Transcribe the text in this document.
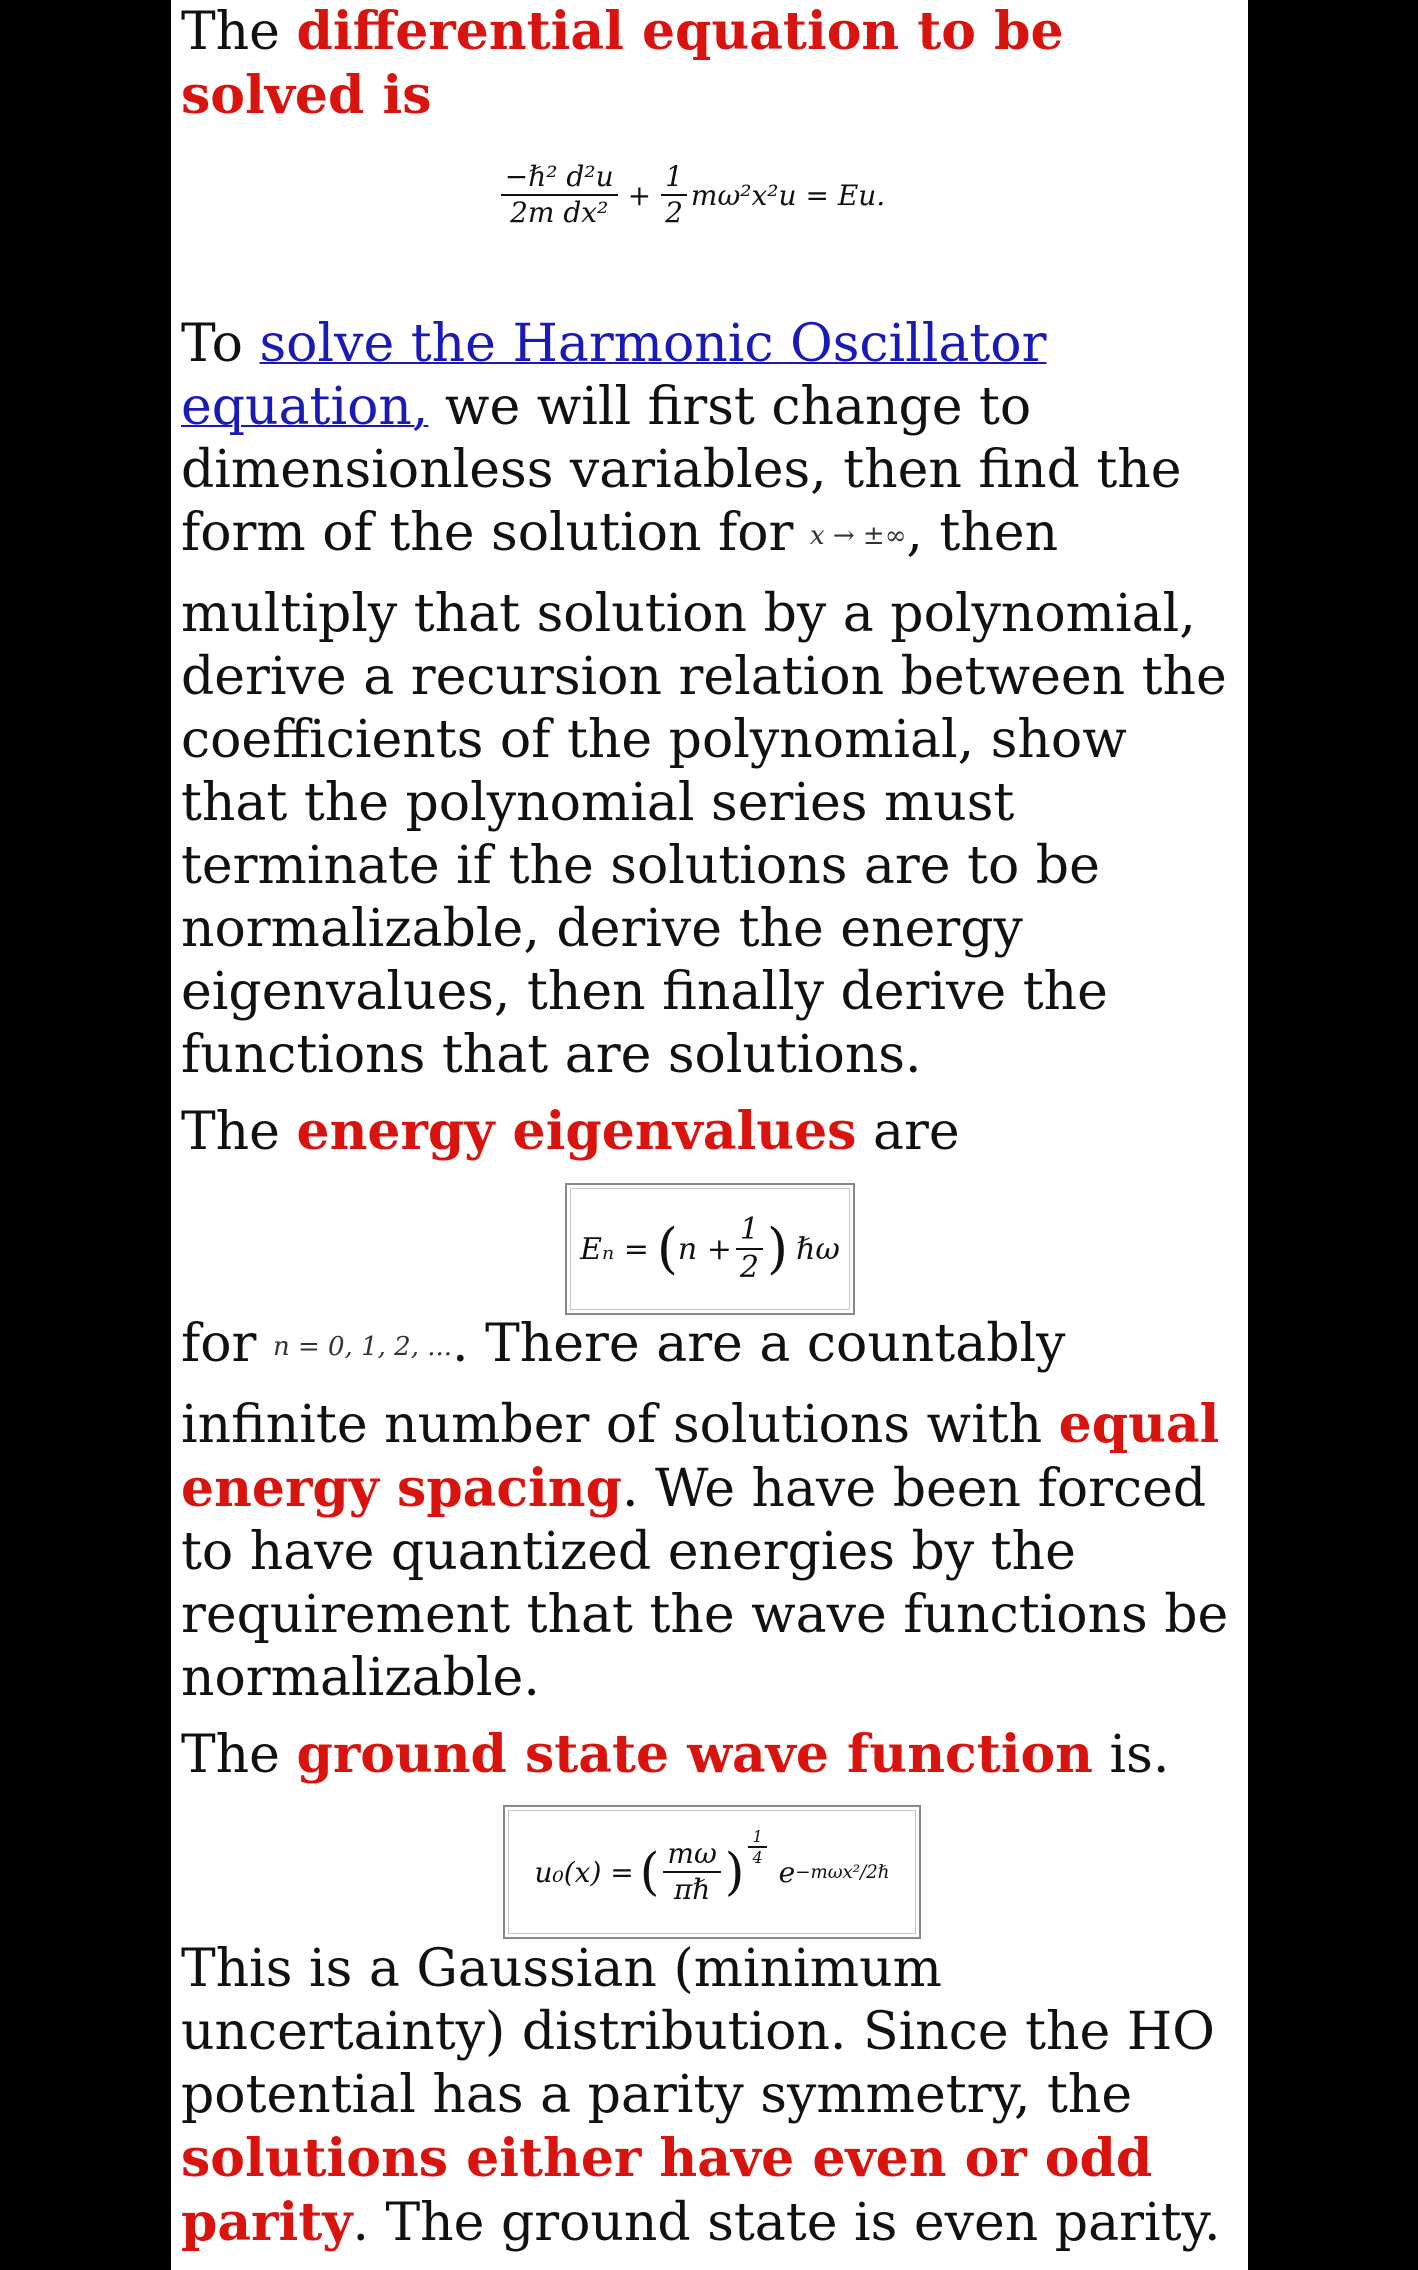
The differential equation to be solved is

$\frac{\text{−ℏ² d²u}}{\text{2m dx²}} + \frac{1}{2} m\omega^2x^2u = Eu$.

To solve the Harmonic Oscillator equation, we will first change to dimensionless variables, then find the form of the solution for x → ±∞, then

multiply that solution by a polynomial, derive a recursion relation between the coefficients of the polynomial, show that the polynomial series must terminate if the solutions are to be normalizable, derive the energy eigenvalues, then finally derive the functions that are solutions.

The energy eigenvalues are

Eₙ = ( $n + \frac{1}{2}$ ) ℏω

for n = 0, 1, 2, .... There are a countably

infinite number of solutions with equal energy spacing. We have been forced to have quantized energies by the requirement that the wave functions be normalizable.

The ground state wave function is.

u₀(x) = ( $\frac{m\omega}{\text{πℏ}}$ ) $\frac{1}{4}$
e −mωx²/2ℏ

This is a Gaussian (minimum uncertainty) distribution. Since the HO potential has a parity symmetry, the solutions either have even or odd parity. The ground state is even parity.
